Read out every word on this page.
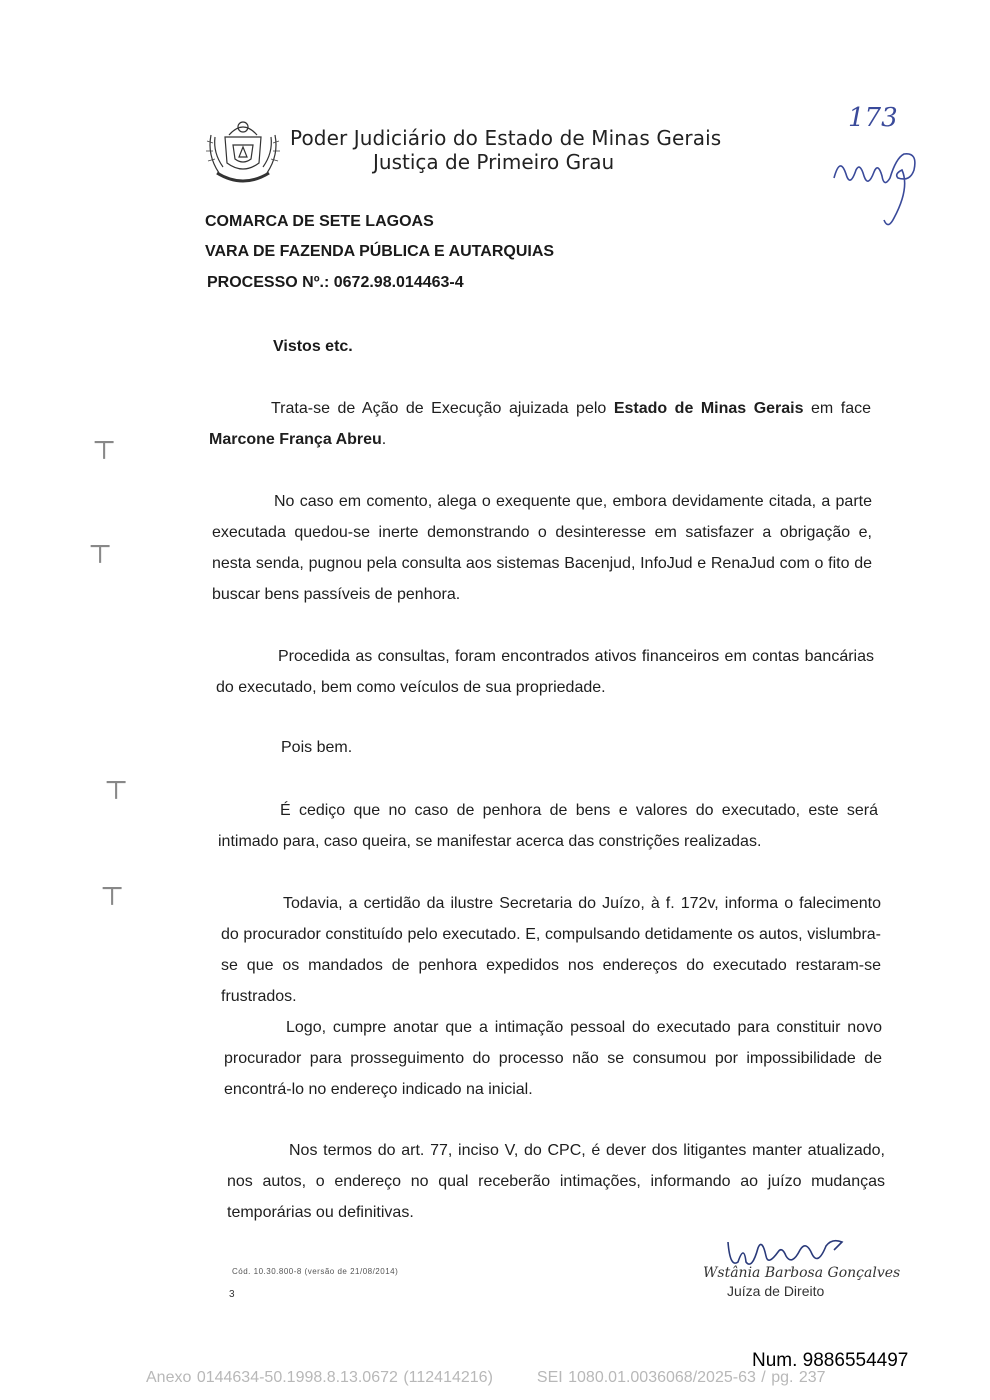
Poder Judiciário do Estado de Minas Gerais
Justiça de Primeiro Grau
173
COMARCA DE SETE LAGOAS
VARA DE FAZENDA PÚBLICA E AUTARQUIAS
PROCESSO Nº.: 0672.98.014463-4
Vistos etc.
Trata-se de Ação de Execução ajuizada pelo Estado de Minas Gerais em face Marcone França Abreu.
No caso em comento, alega o exequente que, embora devidamente citada, a parte executada quedou-se inerte demonstrando o desinteresse em satisfazer a obrigação e, nesta senda, pugnou pela consulta aos sistemas Bacenjud, InfoJud e RenaJud com o fito de buscar bens passíveis de penhora.
Procedida as consultas, foram encontrados ativos financeiros em contas bancárias do executado, bem como veículos de sua propriedade.
Pois bem.
É cediço que no caso de penhora de bens e valores do executado, este será intimado para, caso queira, se manifestar acerca das constrições realizadas.
Todavia, a certidão da ilustre Secretaria do Juízo, à f. 172v, informa o falecimento do procurador constituído pelo executado. E, compulsando detidamente os autos, vislumbra-se que os mandados de penhora expedidos nos endereços do executado restaram-se frustrados.
Logo, cumpre anotar que a intimação pessoal do executado para constituir novo procurador para prosseguimento do processo não se consumou por impossibilidade de encontrá-lo no endereço indicado na inicial.
Nos termos do art. 77, inciso V, do CPC, é dever dos litigantes manter atualizado, nos autos, o endereço no qual receberão intimações, informando ao juízo mudanças temporárias ou definitivas.
⊤
⊤
⊤
⊤
Cód. 10.30.800-8 (versão de 21/08/2014)
3
Wstânia Barbosa Gonçalves
Juíza de Direito
Num. 9886554497
Anexo 0144634-50.1998.8.13.0672 (112414216)	SEI 1080.01.0036068/2025-63 / pg. 237
